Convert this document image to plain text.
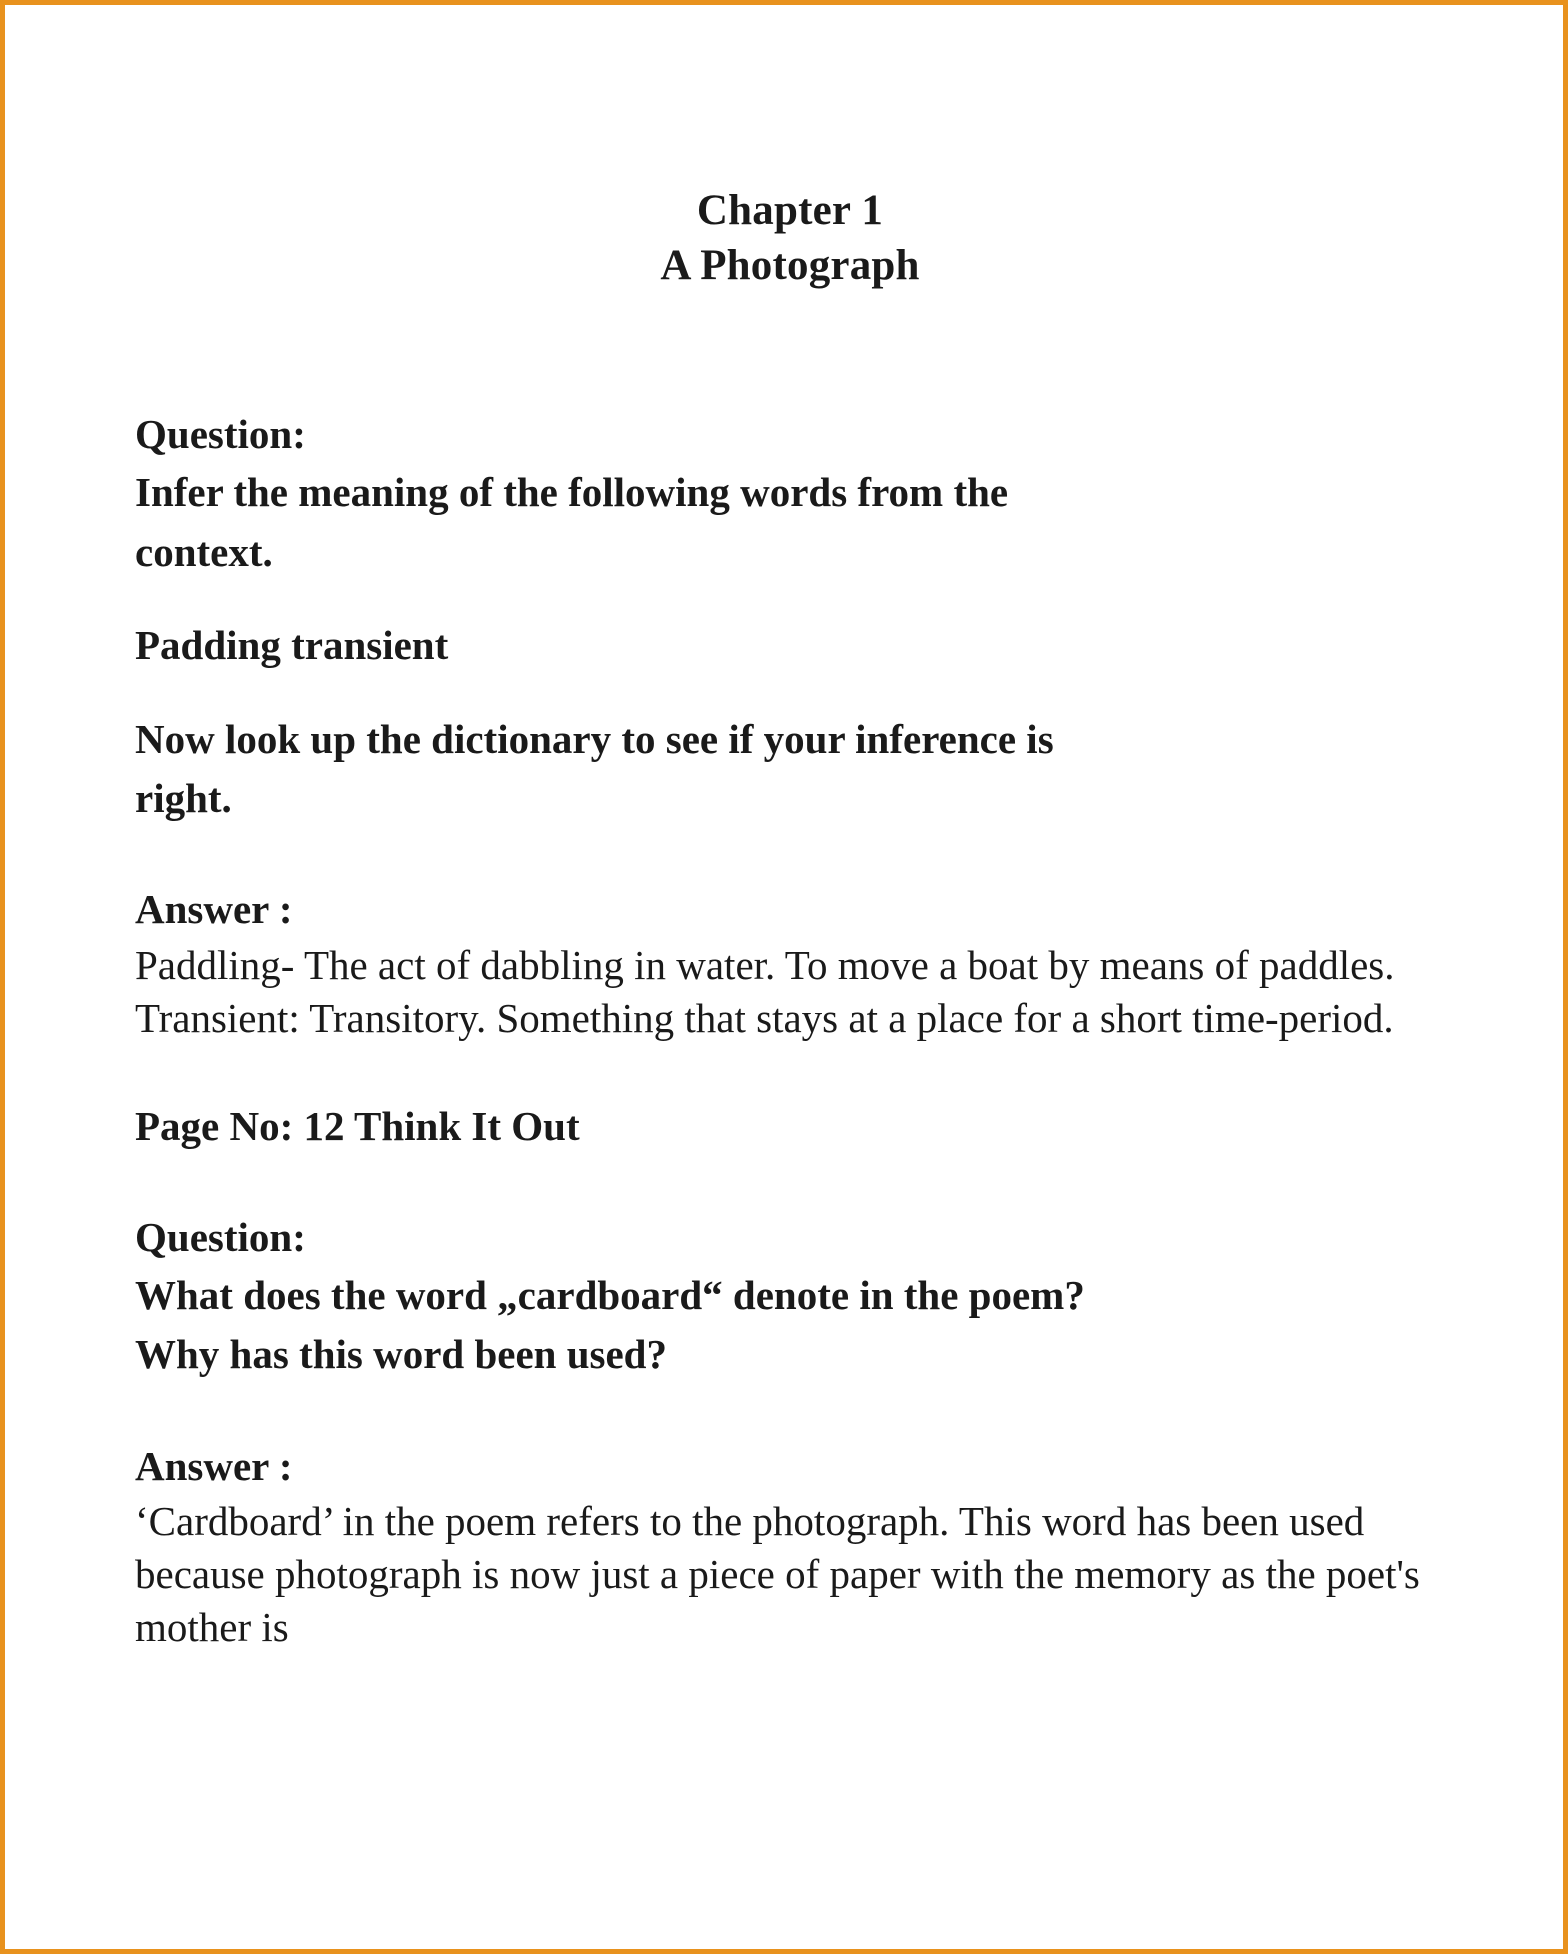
Chapter 1
A Photograph
Question:
Infer the meaning of the following words from the
context.
Padding transient
Now look up the dictionary to see if your inference is
right.
Answer :
Paddling- The act of dabbling in water. To move a boat by means of paddles. Transient: Transitory. Something that stays at a place for a short time-period.
Page No: 12 Think It Out
Question:
What does the word „cardboard“ denote in the poem?
Why has this word been used?
Answer :
‘Cardboard’ in the poem refers to the photograph. This word has been used because photograph is now just a piece of paper with the memory as the poet's mother is
